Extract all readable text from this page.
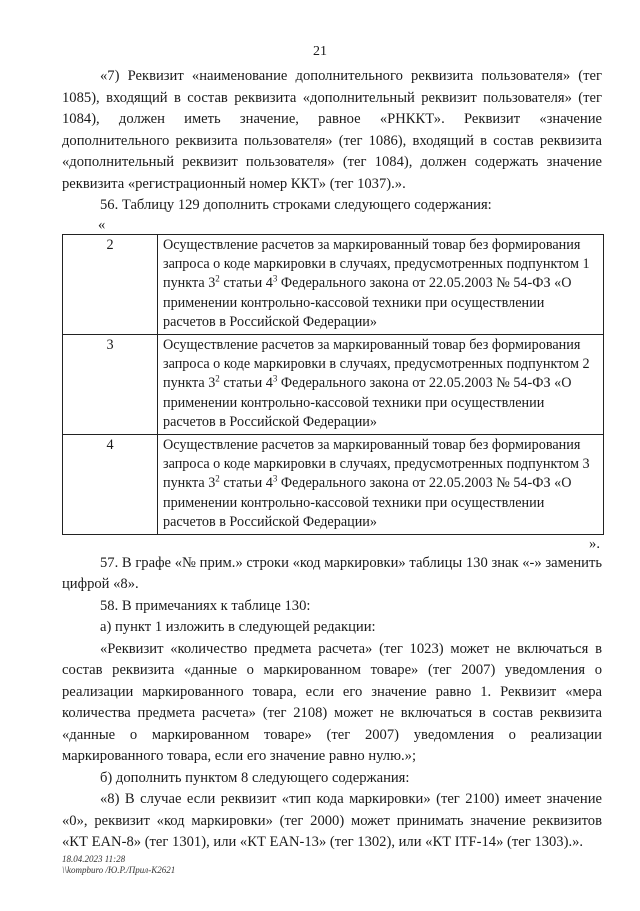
21

«7) Реквизит «наименование дополнительного реквизита пользователя» (тег 1085), входящий в состав реквизита «дополнительный реквизит пользователя» (тег 1084), должен иметь значение, равное «РНККТ». Реквизит «значение дополнительного реквизита пользователя» (тег 1086), входящий в состав реквизита «дополнительный реквизит пользователя» (тег 1084), должен содержать значение реквизита «регистрационный номер ККТ» (тег 1037).».

56. Таблицу 129 дополнить строками следующего содержания:

«
2	Осуществление расчетов за маркированный товар без формирования запроса о коде маркировки в случаях, предусмотренных подпунктом 1 пункта $3^2$ статьи $4^3$ Федерального закона от 22.05.2003 № 54-ФЗ «О применении контрольно-кассовой техники при осуществлении расчетов в Российской Федерации»
3	Осуществление расчетов за маркированный товар без формирования запроса о коде маркировки в случаях, предусмотренных подпунктом 2 пункта $3^2$ статьи $4^3$ Федерального закона от 22.05.2003 № 54-ФЗ «О применении контрольно-кассовой техники при осуществлении расчетов в Российской Федерации»
4	Осуществление расчетов за маркированный товар без формирования запроса о коде маркировки в случаях, предусмотренных подпунктом 3 пункта $3^2$ статьи $4^3$ Федерального закона от 22.05.2003 № 54-ФЗ «О применении контрольно-кассовой техники при осуществлении расчетов в Российской Федерации»
».

57. В графе «№ прим.» строки «код маркировки» таблицы 130 знак «-» заменить цифрой «8».

58. В примечаниях к таблице 130:

а) пункт 1 изложить в следующей редакции:

«Реквизит «количество предмета расчета» (тег 1023) может не включаться в состав реквизита «данные о маркированном товаре» (тег 2007) уведомления о реализации маркированного товара, если его значение равно 1. Реквизит «мера количества предмета расчета» (тег 2108) может не включаться в состав реквизита «данные о маркированном товаре» (тег 2007) уведомления о реализации маркированного товара, если его значение равно нулю.»;

б) дополнить пунктом 8 следующего содержания:

«8) В случае если реквизит «тип кода маркировки» (тег 2100) имеет значение «0», реквизит «код маркировки» (тег 2000) может принимать значение реквизитов «КТ EAN-8» (тег 1301), или «КТ EAN-13» (тег 1302), или «КТ ITF-14» (тег 1303).».

18.04.2023 11:28
\\kompburo /Ю.Р./Прил-К2621
